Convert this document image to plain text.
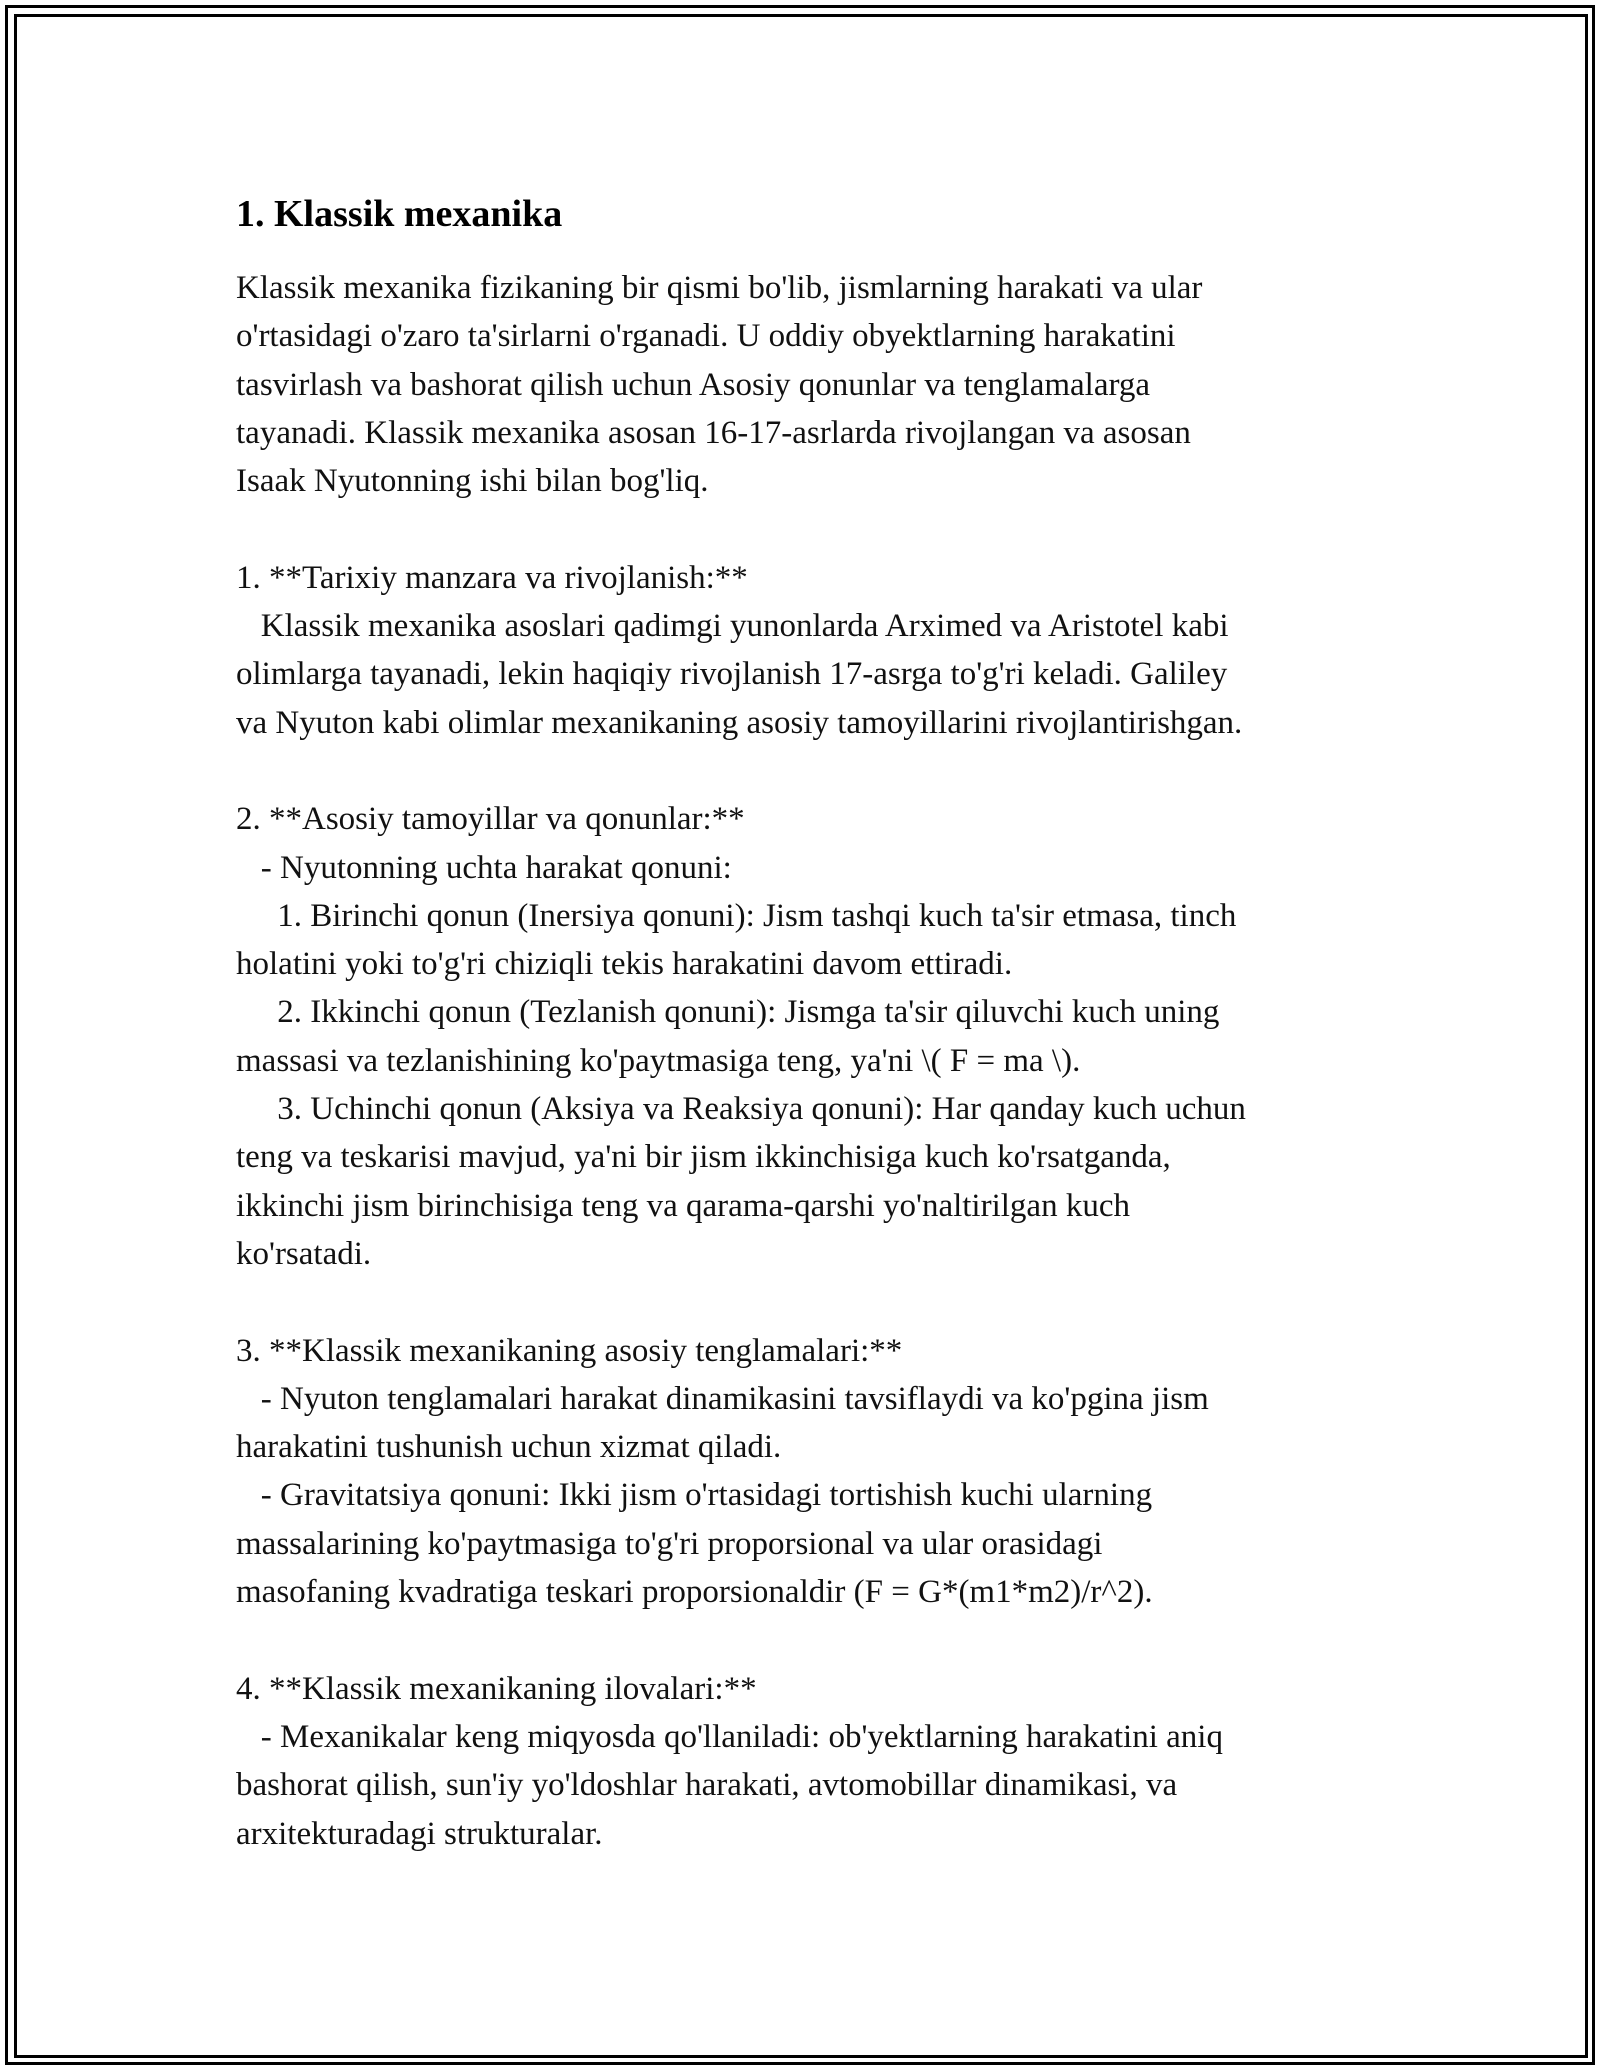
1. Klassik mexanika
Klassik mexanika fizikaning bir qismi bo'lib, jismlarning harakati va ular
o'rtasidagi o'zaro ta'sirlarni o'rganadi. U oddiy obyektlarning harakatini
tasvirlash va bashorat qilish uchun Asosiy qonunlar va tenglamalarga
tayanadi. Klassik mexanika asosan 16-17-asrlarda rivojlangan va asosan
Isaak Nyutonning ishi bilan bog'liq.

1. **Tarixiy manzara va rivojlanish:**
Klassik mexanika asoslari qadimgi yunonlarda Arximed va Aristotel kabi
olimlarga tayanadi, lekin haqiqiy rivojlanish 17-asrga to'g'ri keladi. Galiley
va Nyuton kabi olimlar mexanikaning asosiy tamoyillarini rivojlantirishgan.

2. **Asosiy tamoyillar va qonunlar:**
- Nyutonning uchta harakat qonuni:
1. Birinchi qonun (Inersiya qonuni): Jism tashqi kuch ta'sir etmasa, tinch
holatini yoki to'g'ri chiziqli tekis harakatini davom ettiradi.
2. Ikkinchi qonun (Tezlanish qonuni): Jismga ta'sir qiluvchi kuch uning
massasi va tezlanishining ko'paytmasiga teng, ya'ni \( F = ma \).
3. Uchinchi qonun (Aksiya va Reaksiya qonuni): Har qanday kuch uchun
teng va teskarisi mavjud, ya'ni bir jism ikkinchisiga kuch ko'rsatganda,
ikkinchi jism birinchisiga teng va qarama-qarshi yo'naltirilgan kuch
ko'rsatadi.

3. **Klassik mexanikaning asosiy tenglamalari:**
- Nyuton tenglamalari harakat dinamikasini tavsiflaydi va ko'pgina jism
harakatini tushunish uchun xizmat qiladi.
- Gravitatsiya qonuni: Ikki jism o'rtasidagi tortishish kuchi ularning
massalarining ko'paytmasiga to'g'ri proporsional va ular orasidagi
masofaning kvadratiga teskari proporsionaldir (F = G*(m1*m2)/r^2).

4. **Klassik mexanikaning ilovalari:**
- Mexanikalar keng miqyosda qo'llaniladi: ob'yektlarning harakatini aniq
bashorat qilish, sun'iy yo'ldoshlar harakati, avtomobillar dinamikasi, va
arxitekturadagi strukturalar.
